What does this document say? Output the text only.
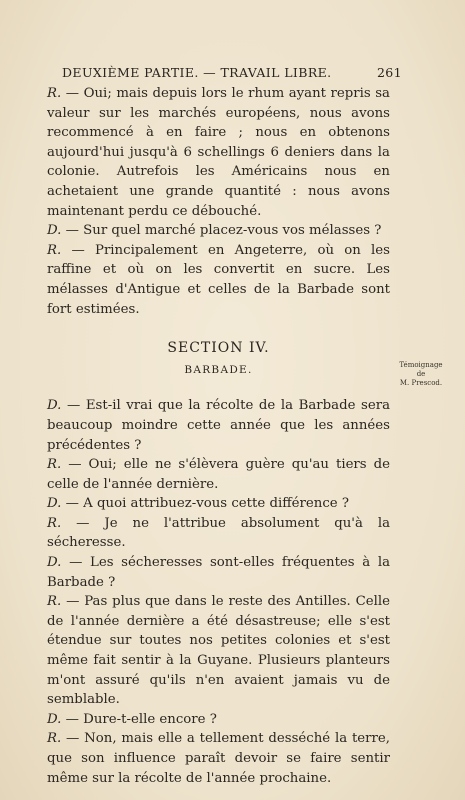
DEUXIÈME PARTIE. — TRAVAIL LIBRE.	261

R. — Oui; mais depuis lors le rhum ayant repris sa valeur sur les marchés européens, nous avons recommencé à en faire ; nous en obtenons aujourd'hui jusqu'à 6 schellings 6 deniers dans la colonie. Autrefois les Américains nous en achetaient une grande quantité : nous avons maintenant perdu ce débouché.

D. — Sur quel marché placez-vous vos mélasses ?

R. — Principalement en Angeterre, où on les raffine et où on les convertit en sucre. Les mélasses d'Antigue et celles de la Barbade sont fort estimées.

SECTION IV.
BARBADE.

D. — Est-il vrai que la récolte de la Barbade sera beaucoup moindre cette année que les années précédentes ?

R. — Oui; elle ne s'élèvera guère qu'au tiers de celle de l'année dernière.

D. — A quoi attribuez-vous cette différence ?

R. — Je ne l'attribue absolument qu'à la sécheresse.

D. — Les sécheresses sont-elles fréquentes à la Barbade ?

R. — Pas plus que dans le reste des Antilles. Celle de l'année dernière a été désastreuse; elle s'est étendue sur toutes nos petites colonies et s'est même fait sentir à la Guyane. Plusieurs planteurs m'ont assuré qu'ils n'en avaient jamais vu de semblable.

D. — Dure-t-elle encore ?

R. — Non, mais elle a tellement desséché la terre, que son influence paraît devoir se faire sentir même sur la récolte de l'année prochaine.

Témoignage
de
M. Prescod.
